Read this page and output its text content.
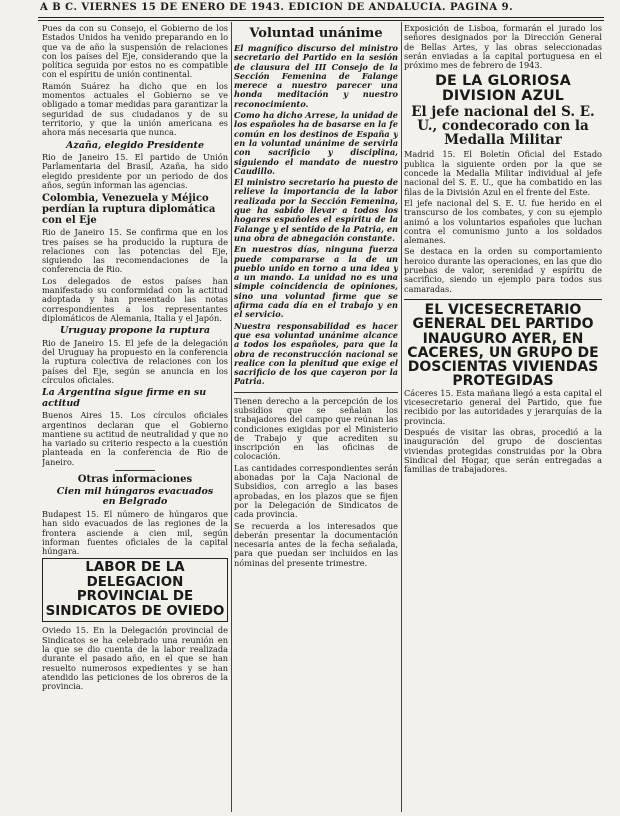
A B C. VIERNES 15 DE ENERO DE 1943. EDICION DE ANDALUCIA. PAGINA 9.

Pues da con su Consejo, el Gobierno de los Estados Unidos ha venido preparando en lo que va de año la suspensión de relaciones con los países del Eje, considerando que la política seguida por estos no es compatible con el espíritu de unión continental.

Ramón Suárez ha dicho que en los momentos actuales el Gobierno se ve obligado a tomar medidas para garantizar la seguridad de sus ciudadanos y de su territorio, y que la unión americana es ahora más necesaria que nunca.

Azaña, elegido Presidente

Rio de Janeiro 15. El partido de Unión Parlamentaria del Brasil, Azaña, ha sido elegido presidente por un periodo de dos años, según informan las agencias.

Colombia, Venezuela y Méjico perdían la ruptura diplomática con el Eje

Rio de Janeiro 15. Se confirma que en los tres países se ha producido la ruptura de relaciones con las potencias del Eje, siguiendo las recomendaciones de la conferencia de Rio.

Los delegados de estos países han manifestado su conformidad con la actitud adoptada y han presentado las notas correspondientes a los representantes diplomáticos de Alemania, Italia y el Japón.

Uruguay propone la ruptura

Rio de Janeiro 15. El jefe de la delegación del Uruguay ha propuesto en la conferencia la ruptura colectiva de relaciones con los países del Eje, según se anuncia en los círculos oficiales.

La Argentina sigue firme en su actitud

Buenos Aires 15. Los círculos oficiales argentinos declaran que el Gobierno mantiene su actitud de neutralidad y que no ha variado su criterio respecto a la cuestión planteada en la conferencia de Rio de Janeiro.

Otras informaciones
Cien mil húngaros evacuados
en Belgrado

Budapest 15. El número de húngaros que han sido evacuados de las regiones de la frontera asciende a cien mil, según informan fuentes oficiales de la capital húngara.

LABOR DE LA DELEGACION PROVINCIAL DE SINDICATOS DE OVIEDO

Oviedo 15. En la Delegación provincial de Sindicatos se ha celebrado una reunión en la que se dio cuenta de la labor realizada durante el pasado año, en el que se han resuelto numerosos expedientes y se han atendido las peticiones de los obreros de la provincia.

Voluntad unánime

El magnífico discurso del ministro secretario del Partido en la sesión de clausura del III Consejo de la Sección Femenina de Falange merece a nuestro parecer una honda meditación y nuestro reconocimiento.

Como ha dicho Arrese, la unidad de los españoles ha de basarse en la fe común en los destinos de España y en la voluntad unánime de servirla con sacrificio y disciplina, siguiendo el mandato de nuestro Caudillo.

El ministro secretario ha puesto de relieve la importancia de la labor realizada por la Sección Femenina, que ha sabido llevar a todos los hogares españoles el espíritu de la Falange y el sentido de la Patria, en una obra de abnegación constante.

En nuestros días, ninguna fuerza puede compararse a la de un pueblo unido en torno a una idea y a un mando. La unidad no es una simple coincidencia de opiniones, sino una voluntad firme que se afirma cada día en el trabajo y en el servicio.

Nuestra responsabilidad es hacer que esa voluntad unánime alcance a todos los españoles, para que la obra de reconstrucción nacional se realice con la plenitud que exige el sacrificio de los que cayeron por la Patria.

Tienen derecho a la percepción de los subsidios que se señalan los trabajadores del campo que reúnan las condiciones exigidas por el Ministerio de Trabajo y que acrediten su inscripción en las oficinas de colocación.

Las cantidades correspondientes serán abonadas por la Caja Nacional de Subsidios, con arreglo a las bases aprobadas, en los plazos que se fijen por la Delegación de Sindicatos de cada provincia.

Se recuerda a los interesados que deberán presentar la documentación necesaria antes de la fecha señalada, para que puedan ser incluidos en las nóminas del presente trimestre.

Exposición de Lisboa, formarán el jurado los señores designados por la Dirección General de Bellas Artes, y las obras seleccionadas serán enviadas a la capital portuguesa en el próximo mes de febrero de 1943.

DE LA GLORIOSA DIVISION AZUL
El jefe nacional del S. E. U., condecorado con la Medalla Militar

Madrid 15. El Boletín Oficial del Estado publica la siguiente orden por la que se concede la Medalla Militar individual al jefe nacional del S. E. U., que ha combatido en las filas de la División Azul en el frente del Este.

El jefe nacional del S. E. U. fue herido en el transcurso de los combates, y con su ejemplo animó a los voluntarios españoles que luchan contra el comunismo junto a los soldados alemanes.

Se destaca en la orden su comportamiento heroico durante las operaciones, en las que dio pruebas de valor, serenidad y espíritu de sacrificio, siendo un ejemplo para todos sus camaradas.

EL VICESECRETARIO GENERAL DEL PARTIDO INAUGURO AYER, EN CACERES, UN GRUPO DE DOSCIENTAS VIVIENDAS PROTEGIDAS

Cáceres 15. Esta mañana llegó a esta capital el vicesecretario general del Partido, que fue recibido por las autoridades y jerarquías de la provincia.

Después de visitar las obras, procedió a la inauguración del grupo de doscientas viviendas protegidas construidas por la Obra Sindical del Hogar, que serán entregadas a familias de trabajadores.
